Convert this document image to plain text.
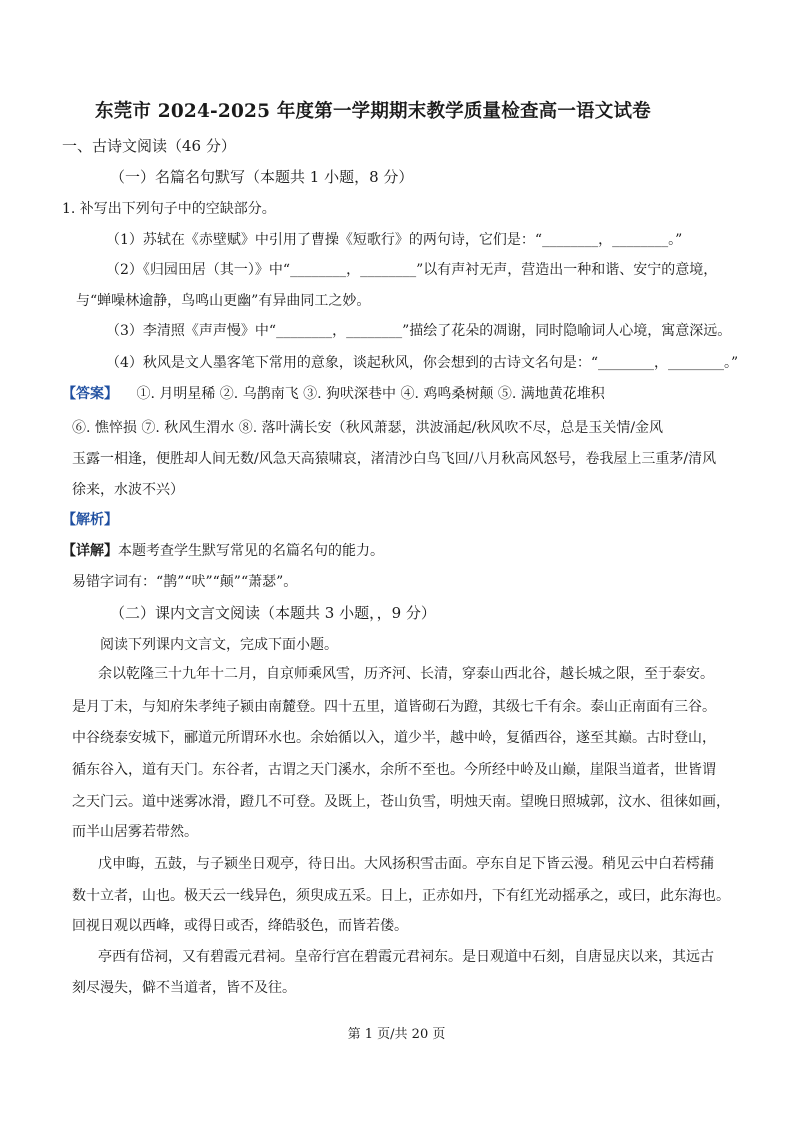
东莞市 2024-2025 年度第一学期期末教学质量检查高一语文试卷
一、古诗文阅读（46 分）
（一）名篇名句默写（本题共 1 小题，8 分）
1. 补写出下列句子中的空缺部分。
（1）苏轼在《赤壁赋》中引用了曹操《短歌行》的两句诗，它们是：“________，________。”
（2）《归园田居（其一）》中“________，________”以有声衬无声，营造出一种和谐、安宁的意境，
与“蝉噪林逾静，鸟鸣山更幽”有异曲同工之妙。
（3）李清照《声声慢》中“________，________”描绘了花朵的凋谢，同时隐喻词人心境，寓意深远。
（4）秋风是文人墨客笔下常用的意象，谈起秋风，你会想到的古诗文名句是：“________，________。”
【答案】 ①. 月明星稀 ②. 乌鹊南飞 ③. 狗吠深巷中 ④. 鸡鸣桑树颠 ⑤. 满地黄花堆积
⑥. 憔悴损 ⑦. 秋风生渭水 ⑧. 落叶满长安（秋风萧瑟，洪波涌起/秋风吹不尽，总是玉关情/金风
玉露一相逢，便胜却人间无数/风急天高猿啸哀，渚清沙白鸟飞回/八月秋高风怒号，卷我屋上三重茅/清风
徐来，水波不兴）
【解析】
【详解】本题考查学生默写常见的名篇名句的能力。
易错字词有：“鹊”“吠”“颠”“萧瑟”。
（二）课内文言文阅读（本题共 3 小题，，9 分）
阅读下列课内文言文，完成下面小题。
余以乾隆三十九年十二月，自京师乘风雪，历齐河、长清，穿泰山西北谷，越长城之限，至于泰安。
是月丁未，与知府朱孝纯子颍由南麓登。四十五里，道皆砌石为蹬，其级七千有余。泰山正南面有三谷。
中谷绕泰安城下，郦道元所谓环水也。余始循以入，道少半，越中岭，复循西谷，遂至其巅。古时登山，
循东谷入，道有天门。东谷者，古谓之天门溪水，余所不至也。今所经中岭及山巅，崖限当道者，世皆谓
之天门云。道中迷雾冰滑，蹬几不可登。及既上，苍山负雪，明烛天南。望晚日照城郭，汶水、徂徕如画，
而半山居雾若带然。
戊申晦，五鼓，与子颍坐日观亭，待日出。大风扬积雪击面。亭东自足下皆云漫。稍见云中白若樗蒱
数十立者，山也。极天云一线异色，须臾成五采。日上，正赤如丹，下有红光动摇承之，或曰，此东海也。
回视日观以西峰，或得日或否，绛皓驳色，而皆若偻。
亭西有岱祠，又有碧霞元君祠。皇帝行宫在碧霞元君祠东。是日观道中石刻，自唐显庆以来，其远古
刻尽漫失，僻不当道者，皆不及往。
第 1 页/共 20 页
